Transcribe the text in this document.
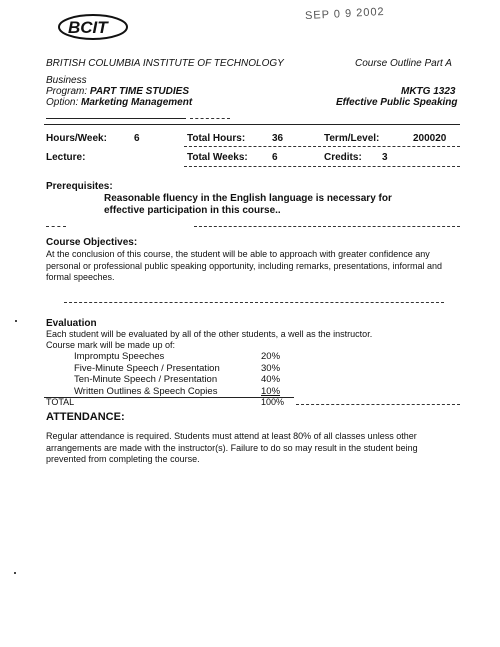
BCIT
SEP 0 9 2002
BRITISH COLUMBIA INSTITUTE OF TECHNOLOGY	Course Outline Part A
Business
Program: PART TIME STUDIES
Option: Marketing Management
MKTG 1323
Effective Public Speaking
Hours/Week:	6	Total Hours:	36	Term/Level:	200020
Lecture:	Total Weeks: 6	Credits: 3
Prerequisites:
Reasonable fluency in the English language is necessary for effective participation in this course..
Course Objectives:
At the conclusion of this course, the student will be able to approach with greater confidence any personal or professional public speaking opportunity, including remarks, presentations, informal and formal speeches.
Evaluation
Each student will be evaluated by all of the other students, a well as the instructor.
Course mark will be made up of:
Impromptu Speeches	20%
Five-Minute Speech / Presentation	30%
Ten-Minute Speech / Presentation	40%
Written Outlines & Speech Copies	10%
TOTAL	100%
ATTENDANCE:
Regular attendance is required. Students must attend at least 80% of all classes unless other arrangements are made with the instructor(s). Failure to do so may result in the student being prevented from completing the course.
